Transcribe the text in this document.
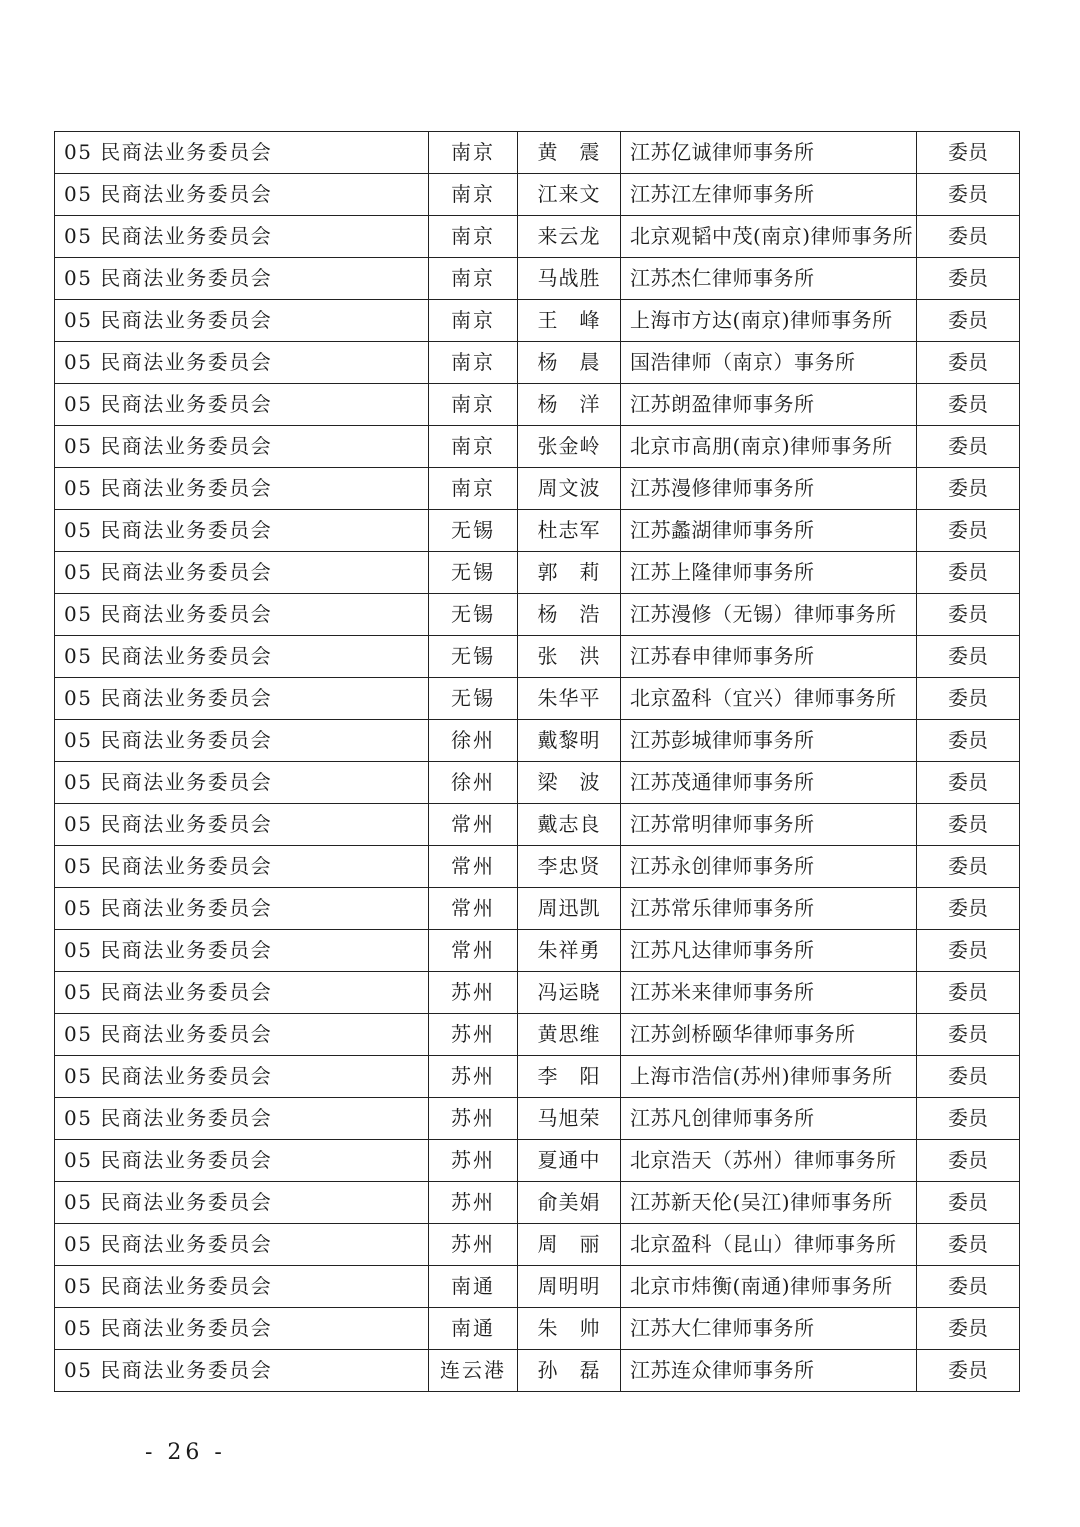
05 民商法业务委员会	南京	黄　震	江苏亿诚律师事务所	委员
05 民商法业务委员会	南京	江来文	江苏江左律师事务所	委员
05 民商法业务委员会	南京	来云龙	北京观韬中茂(南京)律师事务所	委员
05 民商法业务委员会	南京	马战胜	江苏杰仁律师事务所	委员
05 民商法业务委员会	南京	王　峰	上海市方达(南京)律师事务所	委员
05 民商法业务委员会	南京	杨　晨	国浩律师（南京）事务所	委员
05 民商法业务委员会	南京	杨　洋	江苏朗盈律师事务所	委员
05 民商法业务委员会	南京	张金岭	北京市高朋(南京)律师事务所	委员
05 民商法业务委员会	南京	周文波	江苏漫修律师事务所	委员
05 民商法业务委员会	无锡	杜志军	江苏蠡湖律师事务所	委员
05 民商法业务委员会	无锡	郭　莉	江苏上隆律师事务所	委员
05 民商法业务委员会	无锡	杨　浩	江苏漫修（无锡）律师事务所	委员
05 民商法业务委员会	无锡	张　洪	江苏春申律师事务所	委员
05 民商法业务委员会	无锡	朱华平	北京盈科（宜兴）律师事务所	委员
05 民商法业务委员会	徐州	戴黎明	江苏彭城律师事务所	委员
05 民商法业务委员会	徐州	梁　波	江苏茂通律师事务所	委员
05 民商法业务委员会	常州	戴志良	江苏常明律师事务所	委员
05 民商法业务委员会	常州	李忠贤	江苏永创律师事务所	委员
05 民商法业务委员会	常州	周迅凯	江苏常乐律师事务所	委员
05 民商法业务委员会	常州	朱祥勇	江苏凡达律师事务所	委员
05 民商法业务委员会	苏州	冯运晓	江苏米来律师事务所	委员
05 民商法业务委员会	苏州	黄思维	江苏剑桥颐华律师事务所	委员
05 民商法业务委员会	苏州	李　阳	上海市浩信(苏州)律师事务所	委员
05 民商法业务委员会	苏州	马旭荣	江苏凡创律师事务所	委员
05 民商法业务委员会	苏州	夏通中	北京浩天（苏州）律师事务所	委员
05 民商法业务委员会	苏州	俞美娟	江苏新天伦(吴江)律师事务所	委员
05 民商法业务委员会	苏州	周　丽	北京盈科（昆山）律师事务所	委员
05 民商法业务委员会	南通	周明明	北京市炜衡(南通)律师事务所	委员
05 民商法业务委员会	南通	朱　帅	江苏大仁律师事务所	委员
05 民商法业务委员会	连云港	孙　磊	江苏连众律师事务所	委员
- 26 -
